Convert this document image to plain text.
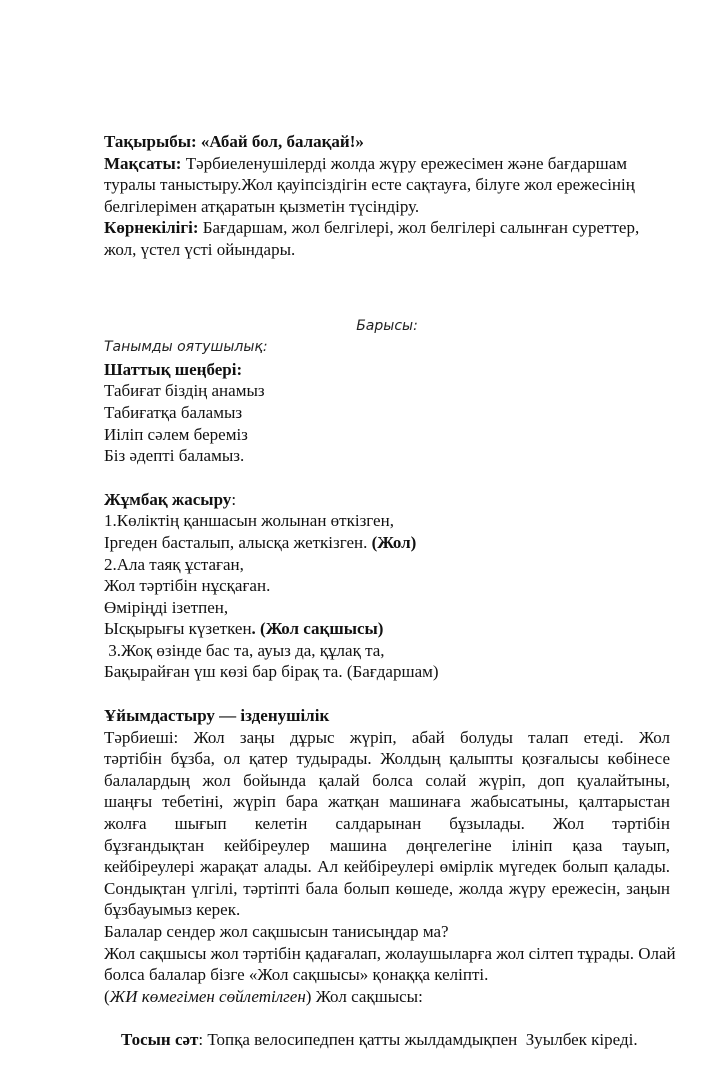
Тақырыбы: «Абай бол, балақай!»
Мақсаты: Тәрбиеленушілерді жолда жүру ережесімен және бағдаршам
туралы таныстыру.Жол қауіпсіздігін есте сақтауға, білуге жол ережесінің
белгілерімен атқаратын қызметін түсіндіру.
Көрнекілігі: Бағдаршам, жол белгілері, жол белгілері салынған суреттер,
жол, үстел үсті ойындары.
Барысы:
Танымды оятушылық:
Шаттық шеңбері:
Табиғат біздің анамыз
Табиғатқа баламыз
Иіліп сәлем береміз
Біз әдепті баламыз.
Жұмбақ жасыру:
1.Көліктің қаншасын жолынан өткізген,
Іргеден басталып, алысқа жеткізген. (Жол)
2.Ала таяқ ұстаған,
Жол тәртібін нұсқаған.
Өміріңді ізетпен,
Ысқырығы күзеткен. (Жол сақшысы)
3.Жоқ өзінде бас та, ауыз да, құлақ та,
Бақырайған үш көзі бар бірақ та. (Бағдаршам)
Ұйымдастыру — ізденушілік
Тәрбиеші: Жол заңы дұрыс жүріп, абай болуды талап етеді. Жол
тәртібін бұзба, ол қатер тудырады. Жолдың қалыпты қозғалысы көбінесе
балалардың жол бойында қалай болса солай жүріп, доп қуалайтыны,
шаңғы тебетіні, жүріп бара жатқан машинаға жабысатыны, қалтарыстан
жолға шығып келетін салдарынан бұзылады. Жол тәртібін
бұзғандықтан кейбіреулер машина дөңгелегіне ілініп қаза тауып,
кейбіреулері жарақат алады. Ал кейбіреулері өмірлік мүгедек болып қалады.
Сондықтан үлгілі, тәртіпті бала болып көшеде, жолда жүру ережесін, заңын
бұзбауымыз керек.
Балалар сендер жол сақшысын танисыңдар ма?
Жол сақшысы жол тәртібін қадағалап, жолаушыларға жол сілтеп тұрады. Олай
болса балалар бізге «Жол сақшысы» қонаққа келіпті.
(ЖИ көмегімен сөйлетілген) Жол сақшысы:

Тосын сәт: Топқа велосипедпен қатты жылдамдықпен  Зуылбек кіреді.
